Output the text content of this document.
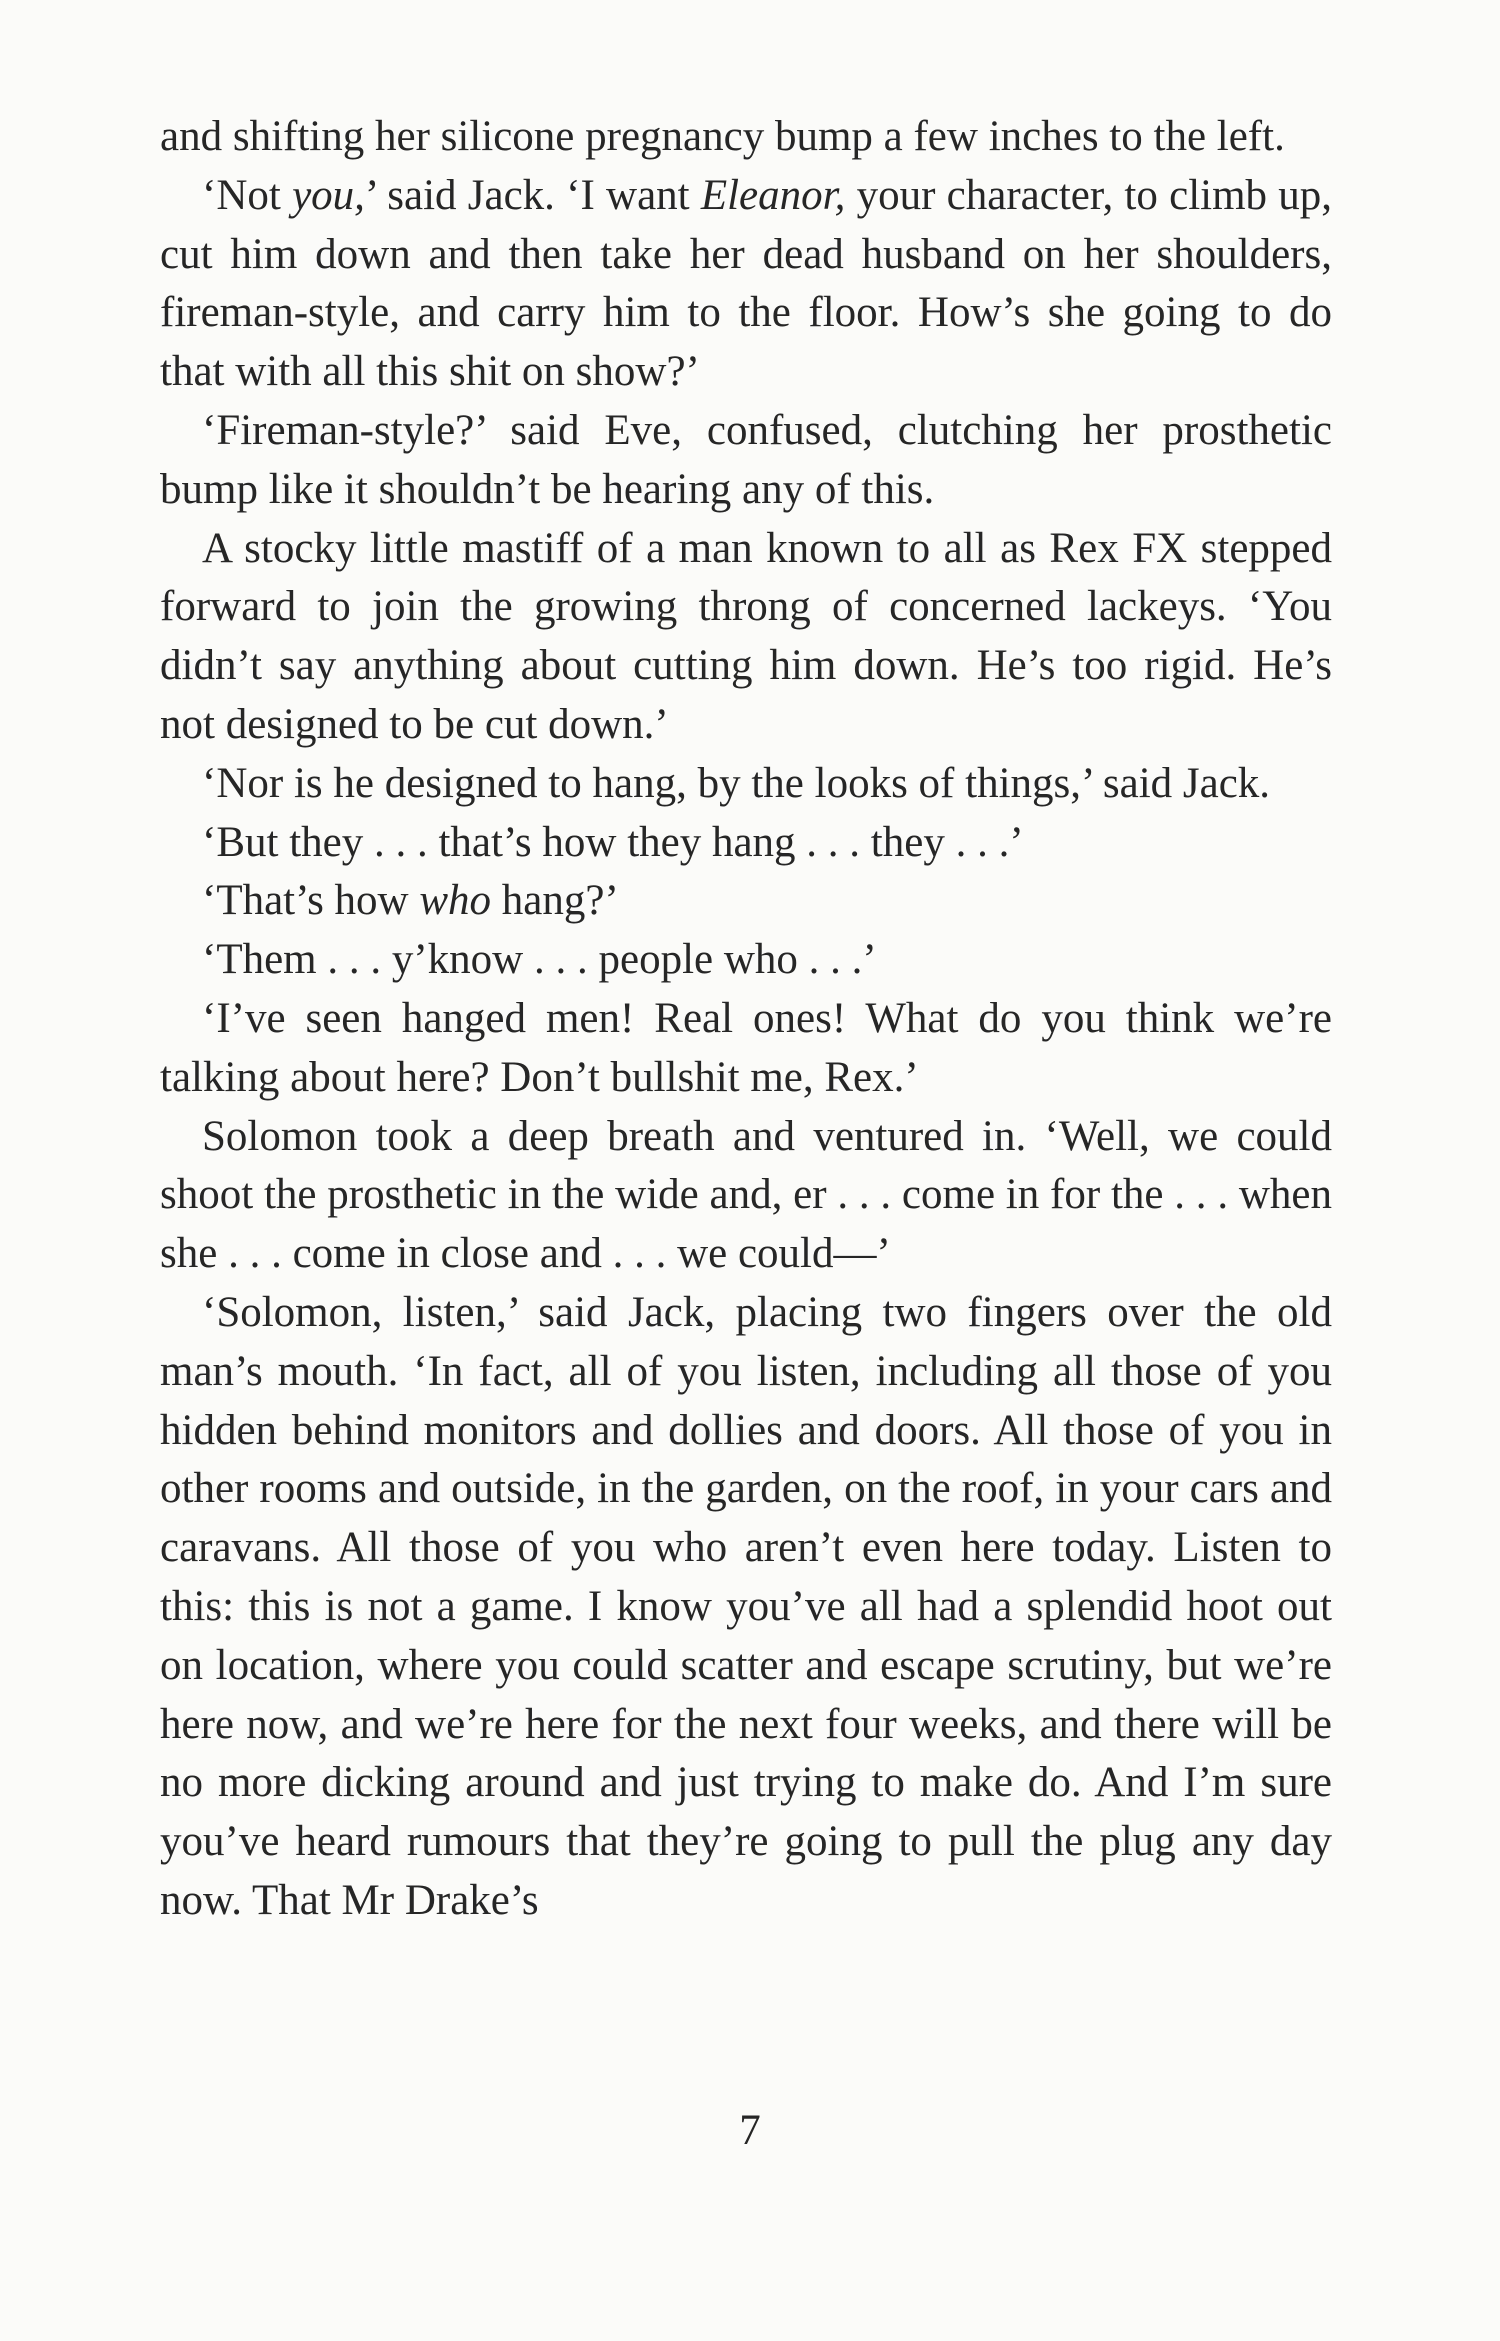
and shifting her silicone pregnancy bump a few inches to the left.

‘Not you,’ said Jack. ‘I want Eleanor, your character, to climb up, cut him down and then take her dead husband on her shoulders, fireman-style, and carry him to the floor. How’s she going to do that with all this shit on show?’

‘Fireman-style?’ said Eve, confused, clutching her prosthetic bump like it shouldn’t be hearing any of this.

A stocky little mastiff of a man known to all as Rex FX stepped forward to join the growing throng of concerned lackeys. ‘You didn’t say anything about cutting him down. He’s too rigid. He’s not designed to be cut down.’

‘Nor is he designed to hang, by the looks of things,’ said Jack.

‘But they . . . that’s how they hang . . . they . . .’

‘That’s how who hang?’

‘Them . . . y’know . . . people who . . .’

‘I’ve seen hanged men! Real ones! What do you think we’re talking about here? Don’t bullshit me, Rex.’

Solomon took a deep breath and ventured in. ‘Well, we could shoot the prosthetic in the wide and, er . . . come in for the . . . when she . . . come in close and . . . we could—’

‘Solomon, listen,’ said Jack, placing two fingers over the old man’s mouth. ‘In fact, all of you listen, including all those of you hidden behind monitors and dollies and doors. All those of you in other rooms and outside, in the garden, on the roof, in your cars and caravans. All those of you who aren’t even here today. Listen to this: this is not a game. I know you’ve all had a splendid hoot out on location, where you could scatter and escape scrutiny, but we’re here now, and we’re here for the next four weeks, and there will be no more dicking around and just trying to make do. And I’m sure you’ve heard rumours that they’re going to pull the plug any day now. That Mr Drake’s

7
